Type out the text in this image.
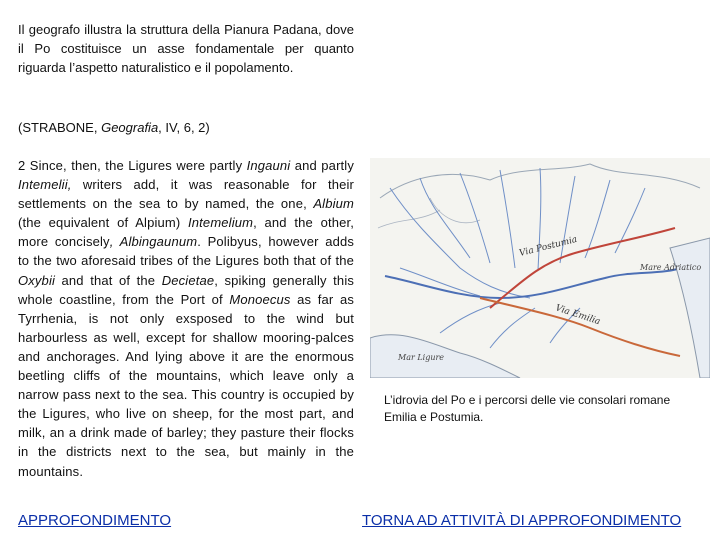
Il geografo illustra la struttura della Pianura Padana, dove il Po costituisce un asse fondamentale per quanto riguarda l’aspetto naturalistico e il popolamento.

(STRABONE, Geografia, IV, 6, 2)

2 Since, then, the Ligures were partly Ingauni and partly Intemelii, writers add, it was reasonable for their settlements on the sea to by named, the one, Albium (the equivalent of Alpium) Intemelium, and the other, more concisely, Albingaunum. Polibyus, however adds to the two aforesaid tribes of the Ligures both that of the Oxybii and that of the Decietae, spiking generally this whole coastline, from the Port of Monoecus as far as Tyrrhenia, is not only exsposed to the wind but harbourless as well, except for shallow mooring-palces and anchorages. And lying above it are the enormous beetling cliffs of the mountains, which leave only a narrow pass next to the sea. This country is occupied by the Ligures, who live on sheep, for the most part, and milk, an a drink made of barley; they pasture their flocks in the districts next to the sea, but mainly in the mountains.

Via Postumia
Via Emilia
Mar Ligure
Mare Adriatico

L’idrovia del Po e i percorsi delle vie consolari romane Emilia e Postumia.

APPROFONDIMENTO	TORNA AD ATTIVITÀ DI APPROFONDIMENTO
